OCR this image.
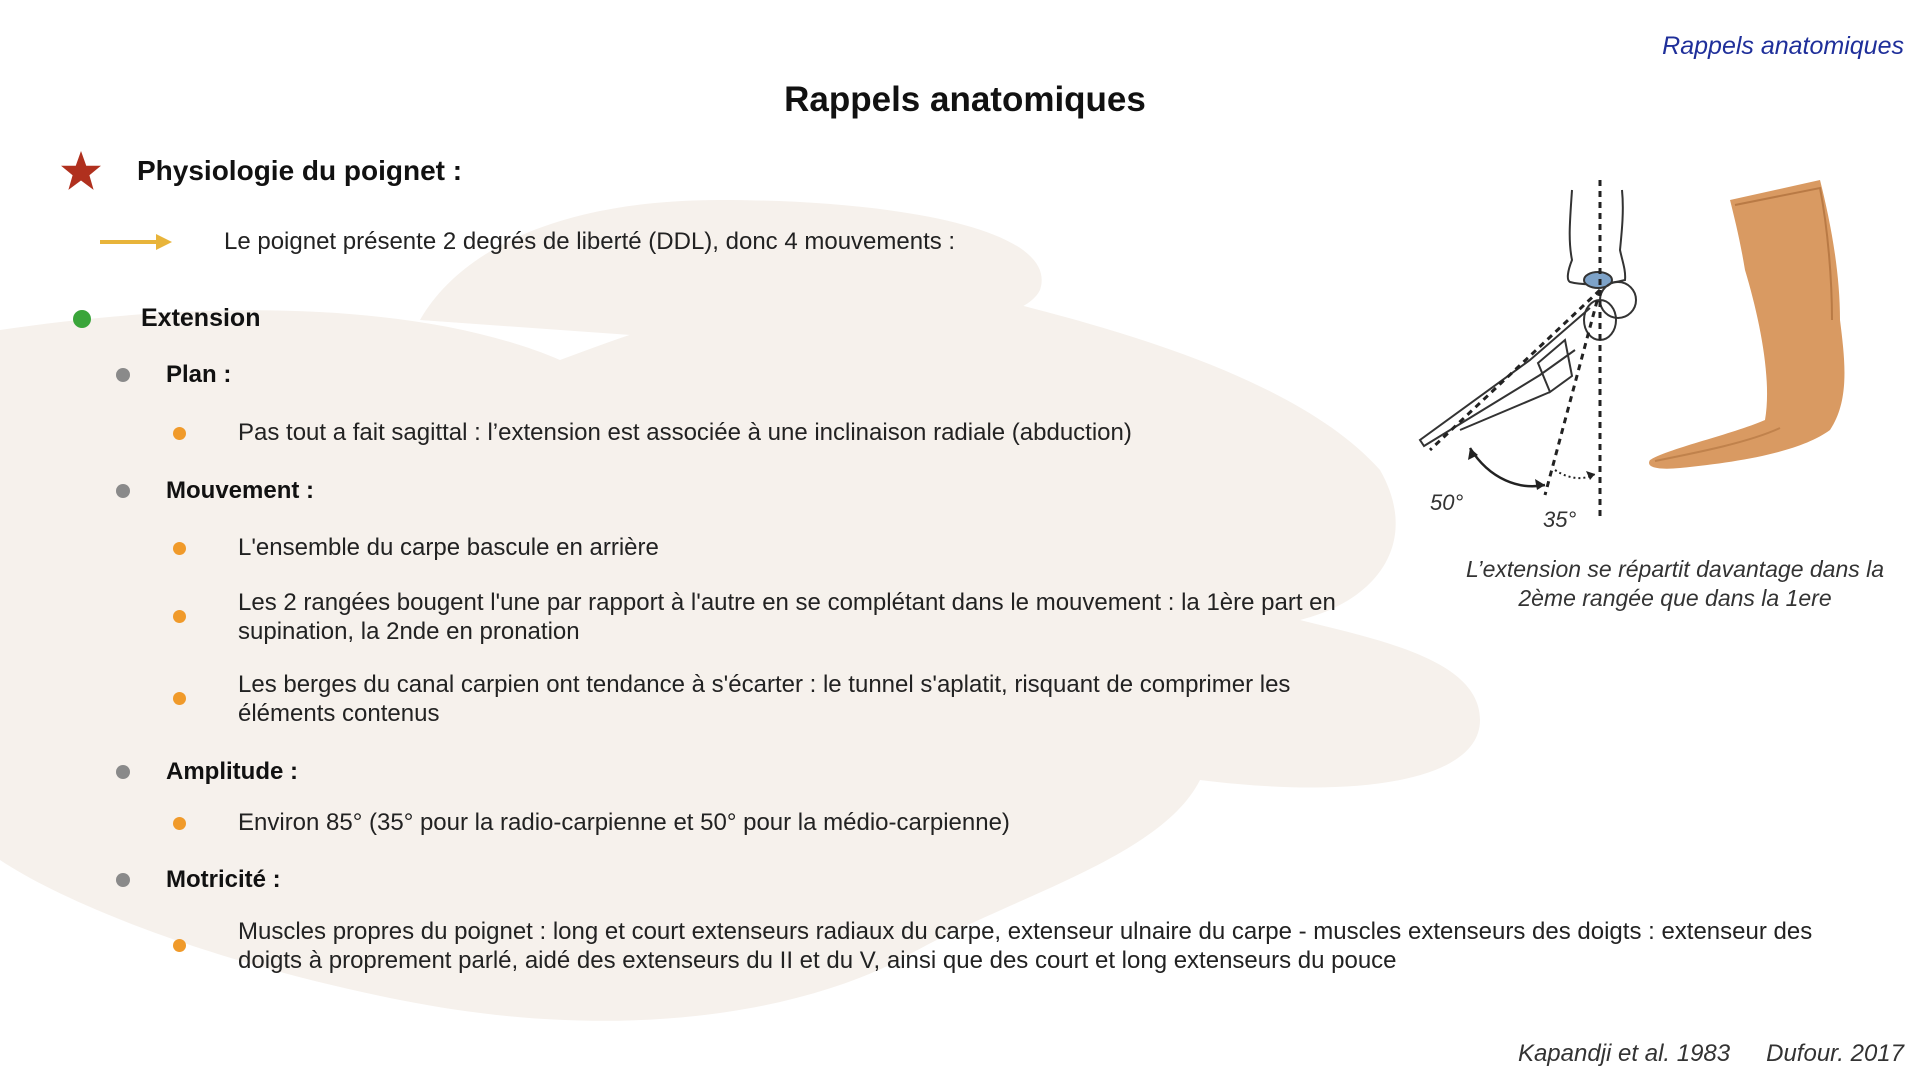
Rappels anatomiques
Rappels anatomiques
Physiologie du poignet :
Le poignet présente 2 degrés de liberté (DDL), donc 4 mouvements :
Extension
Plan :
Pas tout a fait sagittal : l’extension est associée à une inclinaison radiale (abduction)
Mouvement :
L'ensemble du carpe bascule en arrière
Les 2 rangées bougent l'une par rapport à l'autre en se complétant dans le mouvement : la 1ère part en supination, la 2nde en pronation
Les berges du canal carpien ont tendance à s'écarter : le tunnel s'aplatit, risquant de comprimer les éléments contenus
Amplitude :
Environ 85° (35° pour la radio-carpienne et 50° pour la médio-carpienne)
Motricité :
Muscles propres du poignet : long et court extenseurs radiaux du carpe, extenseur ulnaire du carpe - muscles extenseurs des doigts : extenseur des doigts à proprement parlé, aidé des extenseurs du II et du V, ainsi que des court et long extenseurs du pouce
50°
35°
L’extension se répartit davantage dans la 2ème rangée que dans la 1ere
Kapandji et al. 1983 Dufour. 2017
